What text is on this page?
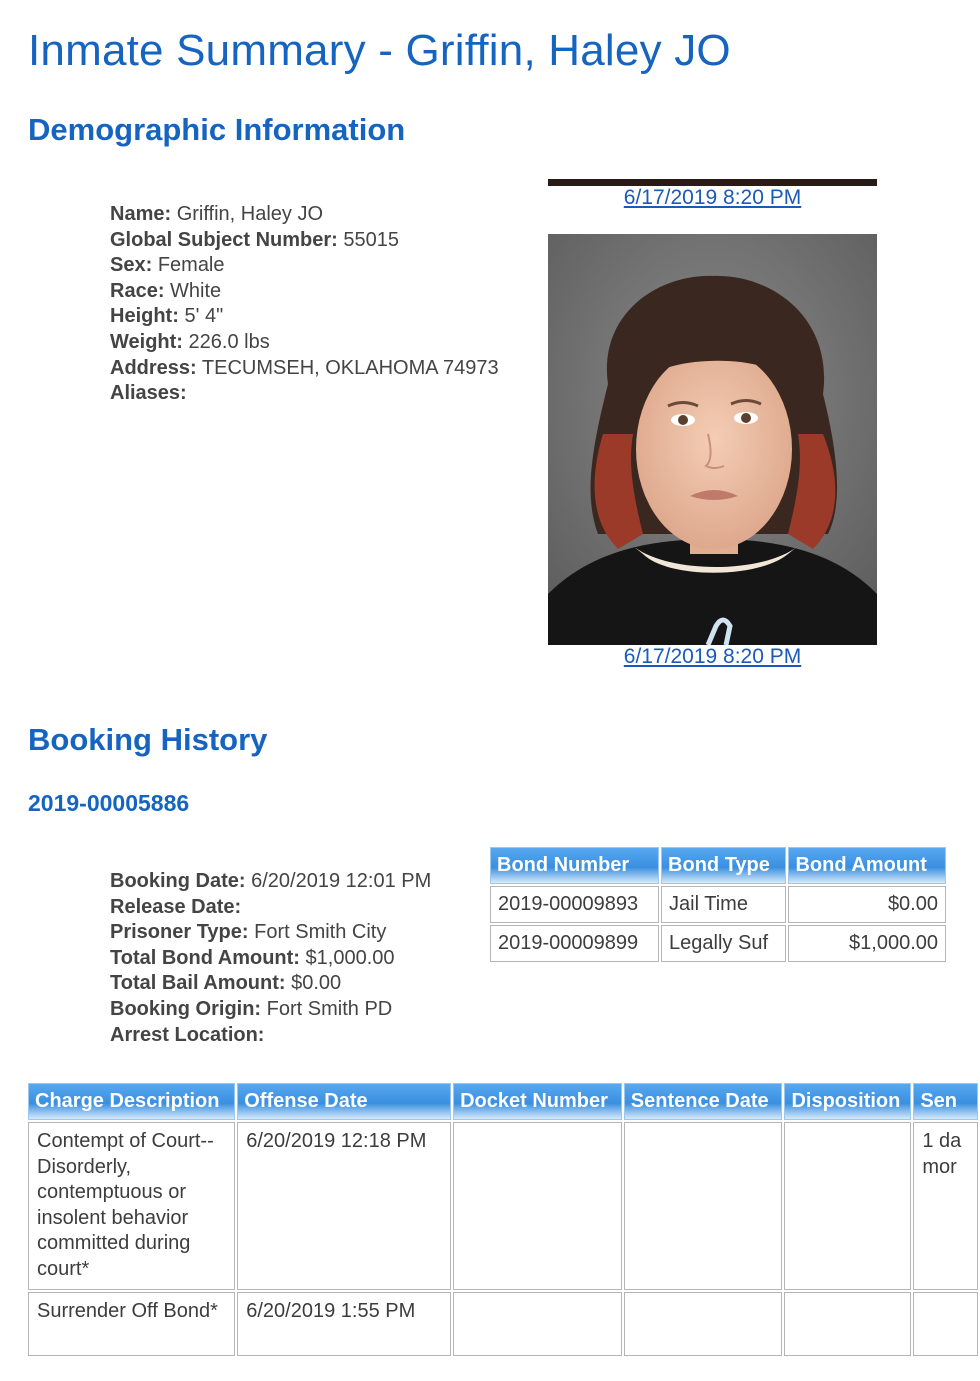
Inmate Summary - Griffin, Haley JO
Demographic Information
Name: Griffin, Haley JO
Global Subject Number: 55015
Sex: Female
Race: White
Height: 5' 4"
Weight: 226.0 lbs
Address: TECUMSEH, OKLAHOMA 74973
Aliases:
6/17/2019 8:20 PM
6/17/2019 8:20 PM
Booking History
2019-00005886
Booking Date: 6/20/2019 12:01 PM
Release Date:
Prisoner Type: Fort Smith City
Total Bond Amount: $1,000.00
Total Bail Amount: $0.00
Booking Origin: Fort Smith PD
Arrest Location:
Bond Number	Bond Type	Bond Amount
2019-00009893	Jail Time	$0.00
2019-00009899	Legally Suf	$1,000.00
Charge Description	Offense Date	Docket Number	Sentence Date	Disposition	Sen
Contempt of Court--Disorderly, contemptuous or insolent behavior committed during court*	6/20/2019 12:18 PM				1 da mor
Surrender Off Bond*	6/20/2019 1:55 PM				
